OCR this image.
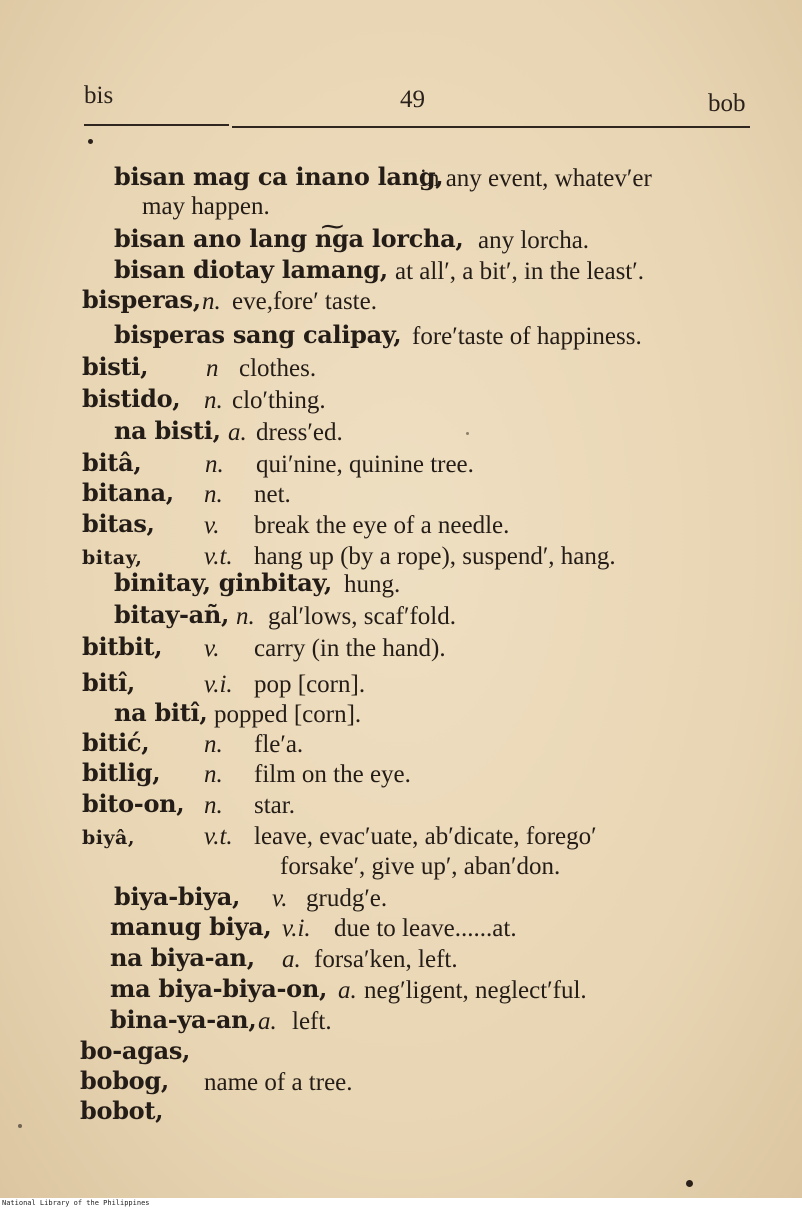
bis	49	bob
bisan mag ca inano lang,
in any event, whatev′er
may happen.
bisan ano lang n͠ga lorcha, any lorcha.
bisan diotay lamang, at all′, a bit′, in the least′.
bisperas, n. eve,fore′ taste.
bisperas sang calipay, fore′taste of happiness.
bisti, n clothes.
bistido, n. clo′thing.
na bisti, a. dress′ed.
bitâ,	n. qui′nine, quinine tree.
bitana, n. net.
bitas, v. break the eye of a needle.
bitay, v.t. hang up (by a rope), suspend′, hang.
binitay, ginbitay, hung.
bitay-añ, n. gal′lows, scaf′fold.
bitbit, v. carry (in the hand).
bitî,	v.i. pop [corn].
na bitî, popped [corn].
bitić, n. fle′a.
bitlig, n. film on the eye.
bito-on, n. star.
biyâ,	v.t. leave, evac′uate, ab′dicate, forego′
forsake′, give up′, aban′don.
biya-biya, v. grudg′e.
manug biya, v.i. due to leave......at.
na biya-an, a. forsa′ken, left.
ma biya-biya-on, a. neg′ligent, neglect′ful.
bina-ya-an, a. left.
bo-agas,
bobog, name of a tree.
bobot,
National Library of the Philippines
